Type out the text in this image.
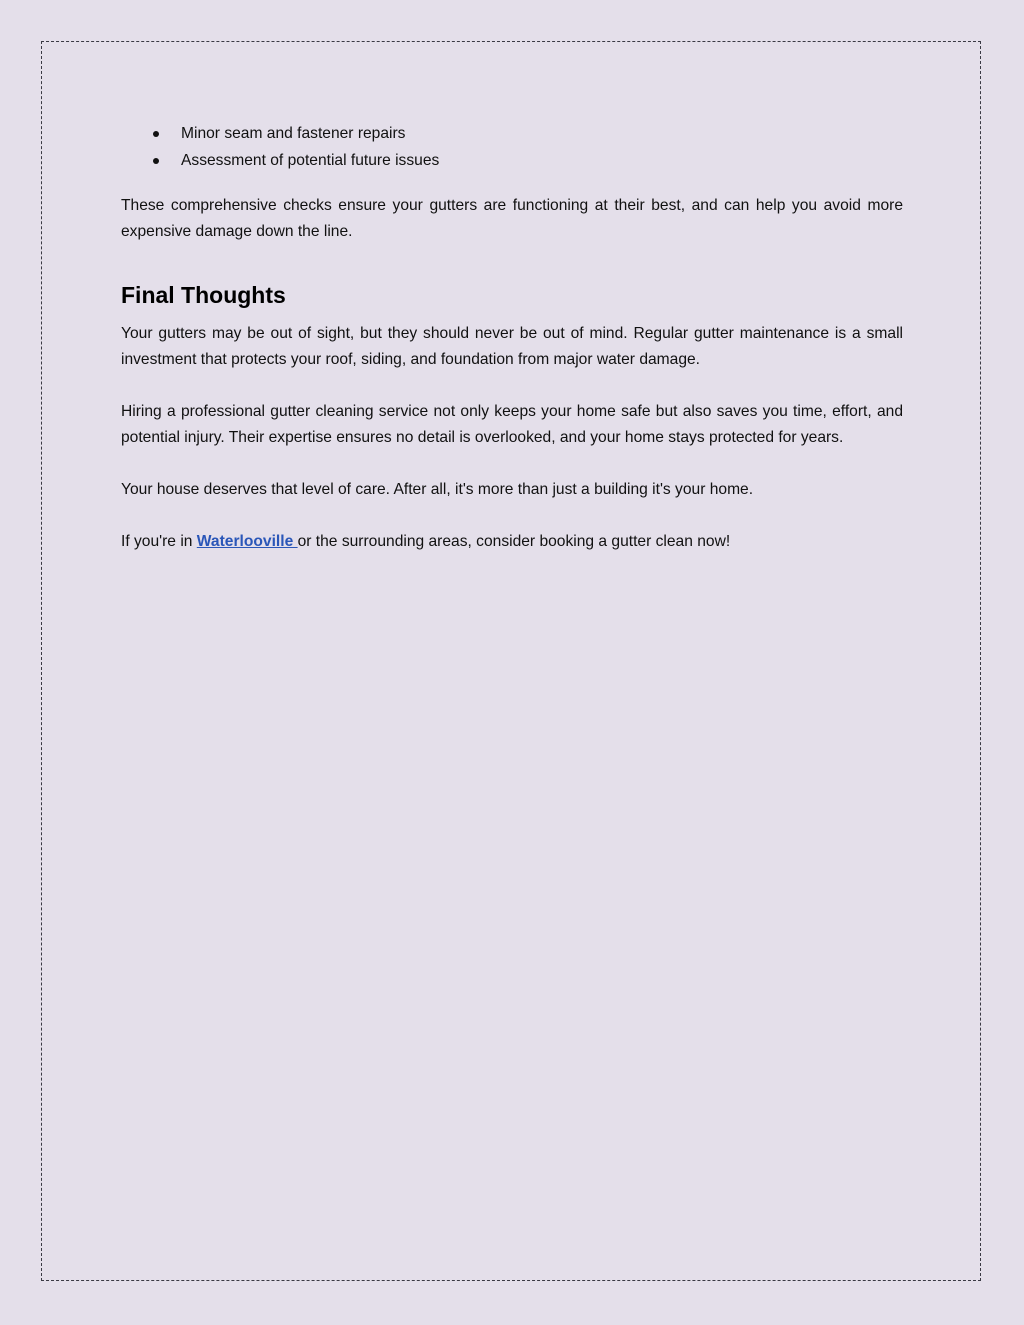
Minor seam and fastener repairs
Assessment of potential future issues

These comprehensive checks ensure your gutters are functioning at their best, and can help you avoid more expensive damage down the line.

Final Thoughts

Your gutters may be out of sight, but they should never be out of mind. Regular gutter maintenance is a small investment that protects your roof, siding, and foundation from major water damage.

Hiring a professional gutter cleaning service not only keeps your home safe but also saves you time, effort, and potential injury. Their expertise ensures no detail is overlooked, and your home stays protected for years.

Your house deserves that level of care. After all, it's more than just a building it's your home.

If you're in Waterlooville or the surrounding areas, consider booking a gutter clean now!
